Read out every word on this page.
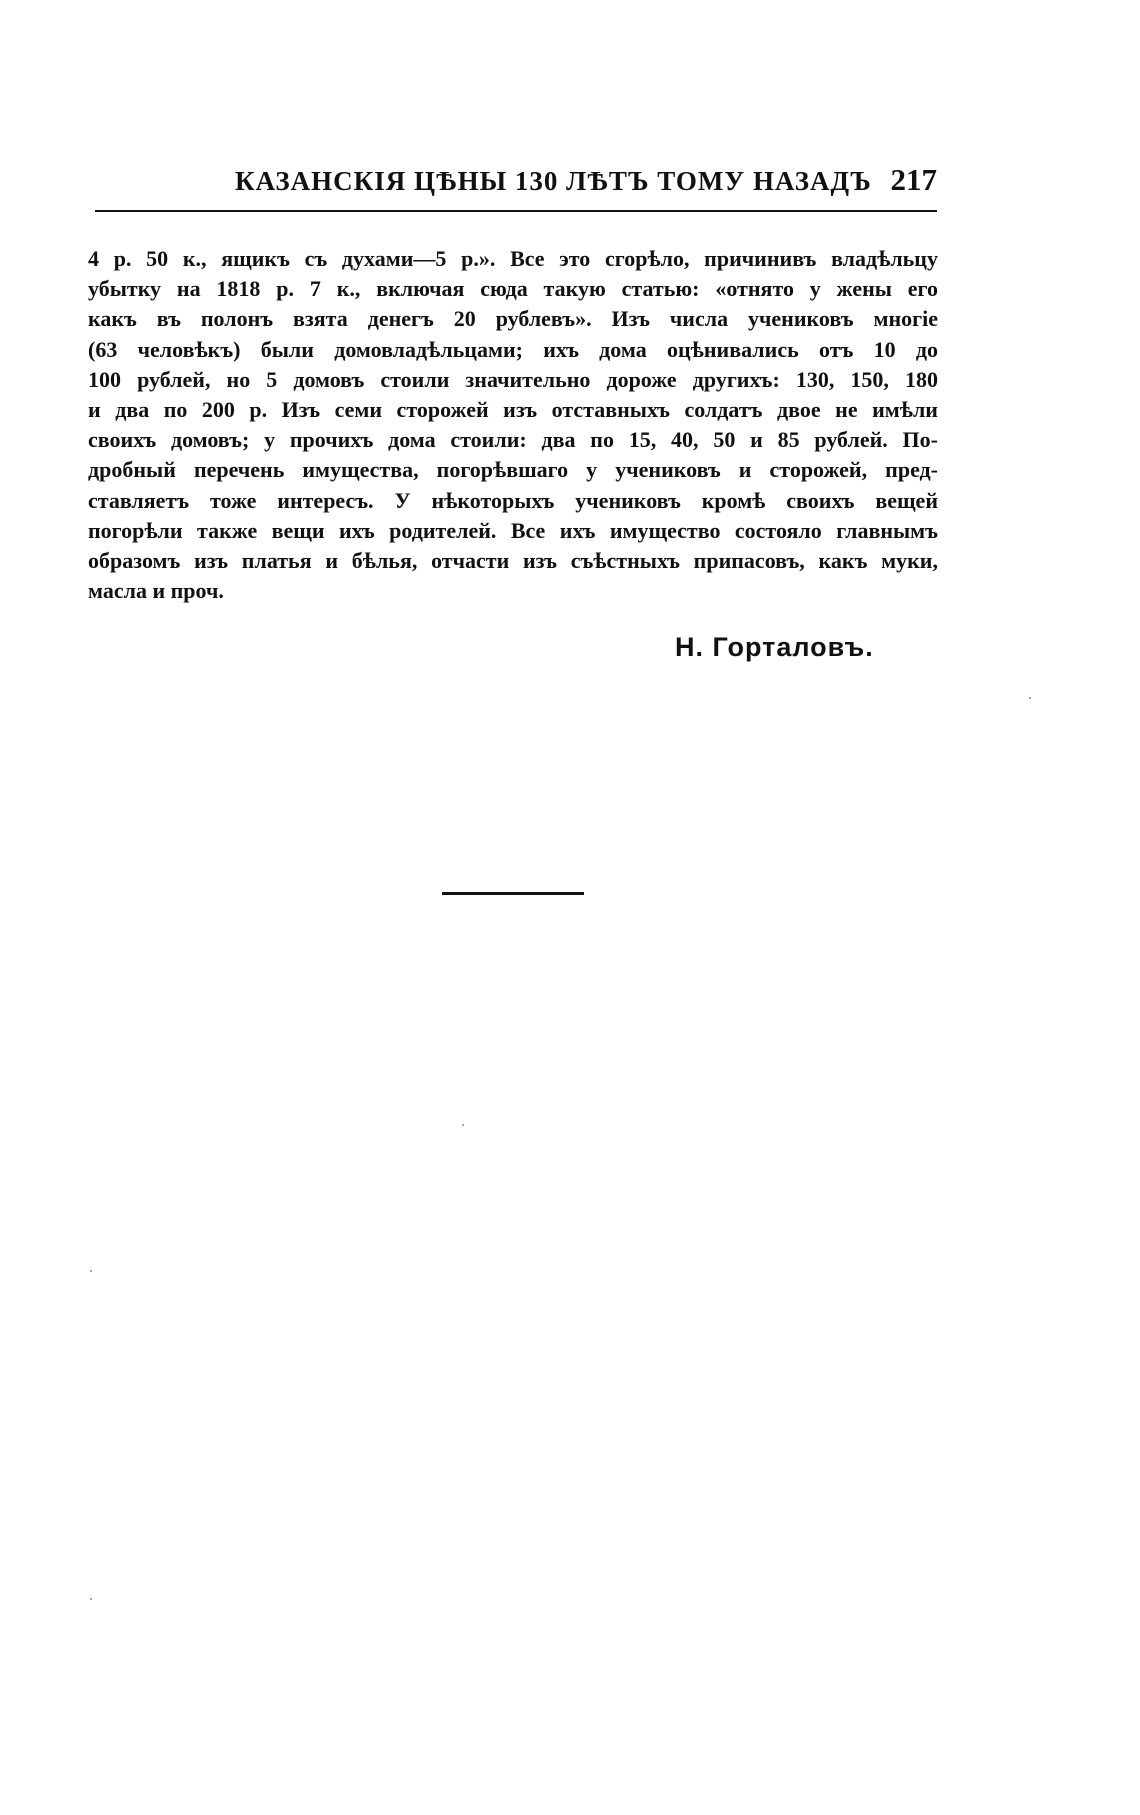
КАЗАНСКІЯ ЦѢНЫ 130 ЛѢТЪ ТОМУ НАЗАДЪ 217
4 р. 50 к., ящикъ съ духами—5 р.». Все это сгорѣло, причинивъ владѣльцу
убытку на 1818 р. 7 к., включая сюда такую статью: «отнято у жены его
какъ въ полонъ взята денегъ 20 рублевъ». Изъ числа учениковъ многіе
(63 человѣкъ) были домовладѣльцами; ихъ дома оцѣнивались отъ 10 до
100 рублей, но 5 домовъ стоили значительно дороже другихъ: 130, 150, 180
и два по 200 р. Изъ семи сторожей изъ отставныхъ солдатъ двое не имѣли
своихъ домовъ; у прочихъ дома стоили: два по 15, 40, 50 и 85 рублей. По-
дробный перечень имущества, погорѣвшаго у учениковъ и сторожей, пред-
ставляетъ тоже интересъ. У нѣкоторыхъ учениковъ кромѣ своихъ вещей
погорѣли также вещи ихъ родителей. Все ихъ имущество состояло главнымъ
образомъ изъ платья и бѣлья, отчасти изъ съѣстныхъ припасовъ, какъ муки,
масла и проч.
Н. Горталовъ.
